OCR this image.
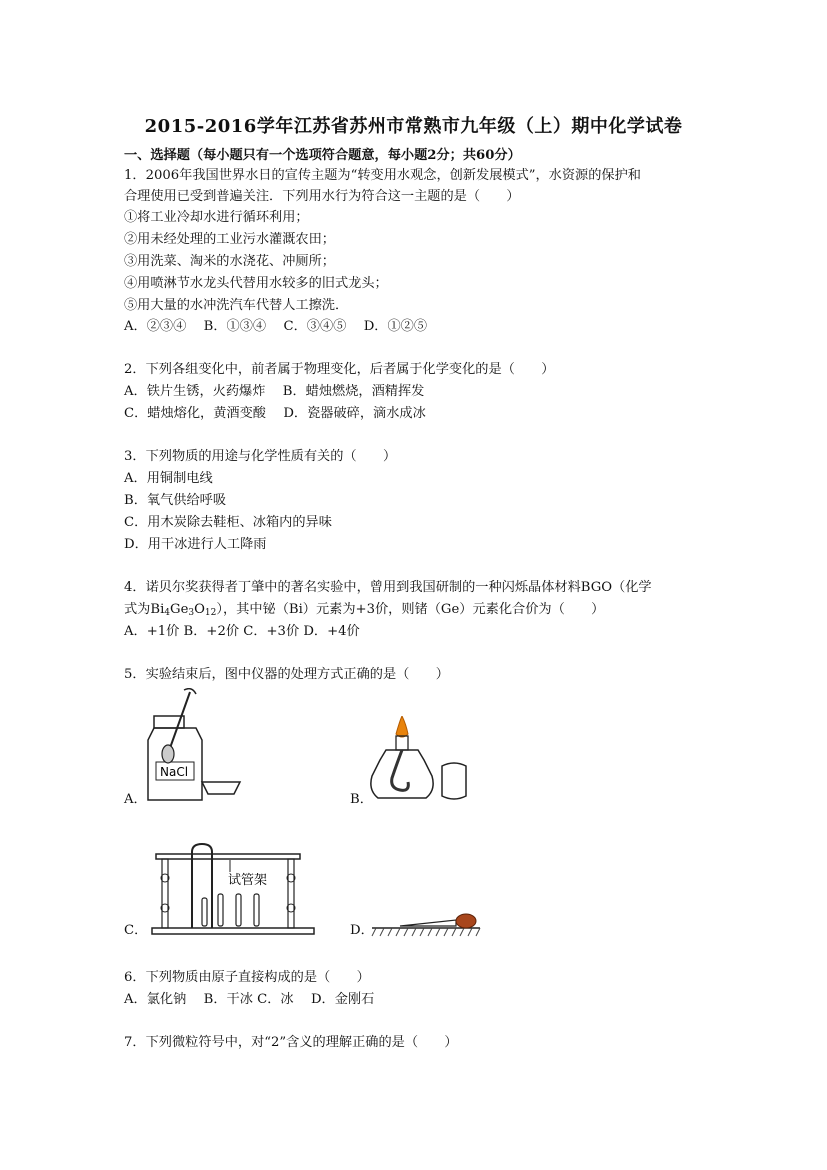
2015-2016学年江苏省苏州市常熟市九年级（上）期中化学试卷
一、选择题（每小题只有一个选项符合题意，每小题2分；共60分）
1．2006年我国世界水日的宣传主题为“转变用水观念，创新发展模式”，水资源的保护和
合理使用已受到普遍关注．下列用水行为符合这一主题的是（　　）
①将工业冷却水进行循环利用；
②用未经处理的工业污水灌溉农田；
③用洗菜、淘米的水浇花、冲厕所；
④用喷淋节水龙头代替用水较多的旧式龙头；
⑤用大量的水冲洗汽车代替人工擦洗．
A．②③④　 B．①③④　 C．③④⑤　 D．①②⑤
2．下列各组变化中，前者属于物理变化，后者属于化学变化的是（　　）
A．铁片生锈，火药爆炸　 B．蜡烛燃烧，酒精挥发
C．蜡烛熔化，黄酒变酸　 D．瓷器破碎，滴水成冰
3．下列物质的用途与化学性质有关的（　　）
A．用铜制电线
B．氧气供给呼吸
C．用木炭除去鞋柜、冰箱内的异味
D．用干冰进行人工降雨
4．诺贝尔奖获得者丁肇中的著名实验中，曾用到我国研制的一种闪烁晶体材料BGO（化学
式为$Bi_4Ge_3O_{12}$），其中铋（Bi）元素为+3价，则锗（Ge）元素化合价为（　　）
A．+1价 B．+2价 C．+3价 D．+4价
5．实验结束后，图中仪器的处理方式正确的是（　　）
NaCl
A．	B．
试管架
C．	D．
6．下列物质由原子直接构成的是（　　）
A．氯化钠　 B．干冰 C．冰　 D．金刚石
7．下列微粒符号中，对“2”含义的理解正确的是（　　）
